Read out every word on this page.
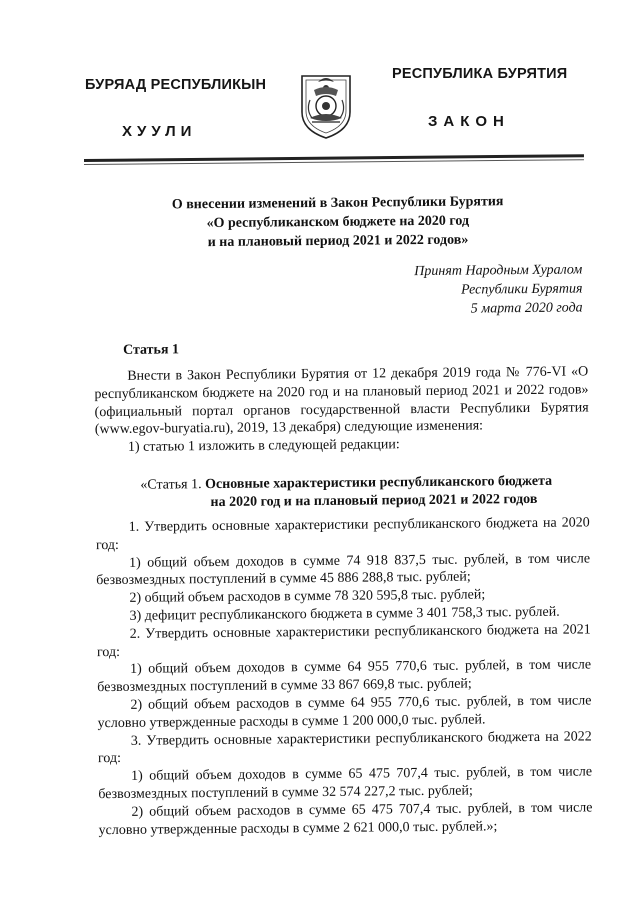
БУРЯАД РЕСПУБЛИКЫН
РЕСПУБЛИКА БУРЯТИЯ
ХУУЛИ
ЗАКОН
О внесении изменений в Закон Республики Бурятия
«О республиканском бюджете на 2020 год
и на плановый период 2021 и 2022 годов»
Принят Народным Хуралом
Республики Бурятия
5 марта 2020 года
Статья 1

Внести в Закон Республики Бурятия от 12 декабря 2019 года № 776-VI «О республиканском бюджете на 2020 год и на плановый период 2021 и 2022 годов» (официальный портал органов государственной власти Республики Бурятия (www.egov-buryatia.ru), 2019, 13 декабря) следующие изменения:

1) статью 1 изложить в следующей редакции:

«Статья 1. Основные характеристики республиканского бюджета
на 2020 год и на плановый период 2021 и 2022 годов

1. Утвердить основные характеристики республиканского бюджета на 2020 год:

1) общий объем доходов в сумме 74 918 837,5 тыс. рублей, в том числе безвозмездных поступлений в сумме 45 886 288,8 тыс. рублей;

2) общий объем расходов в сумме 78 320 595,8 тыс. рублей;

3) дефицит республиканского бюджета в сумме 3 401 758,3 тыс. рублей.

2. Утвердить основные характеристики республиканского бюджета на 2021 год:

1) общий объем доходов в сумме 64 955 770,6 тыс. рублей, в том числе безвозмездных поступлений в сумме 33 867 669,8 тыс. рублей;

2) общий объем расходов в сумме 64 955 770,6 тыс. рублей, в том числе условно утвержденные расходы в сумме 1 200 000,0 тыс. рублей.

3. Утвердить основные характеристики республиканского бюджета на 2022 год:

1) общий объем доходов в сумме 65 475 707,4 тыс. рублей, в том числе безвозмездных поступлений в сумме 32 574 227,2 тыс. рублей;

2) общий объем расходов в сумме 65 475 707,4 тыс. рублей, в том числе условно утвержденные расходы в сумме 2 621 000,0 тыс. рублей.»;
